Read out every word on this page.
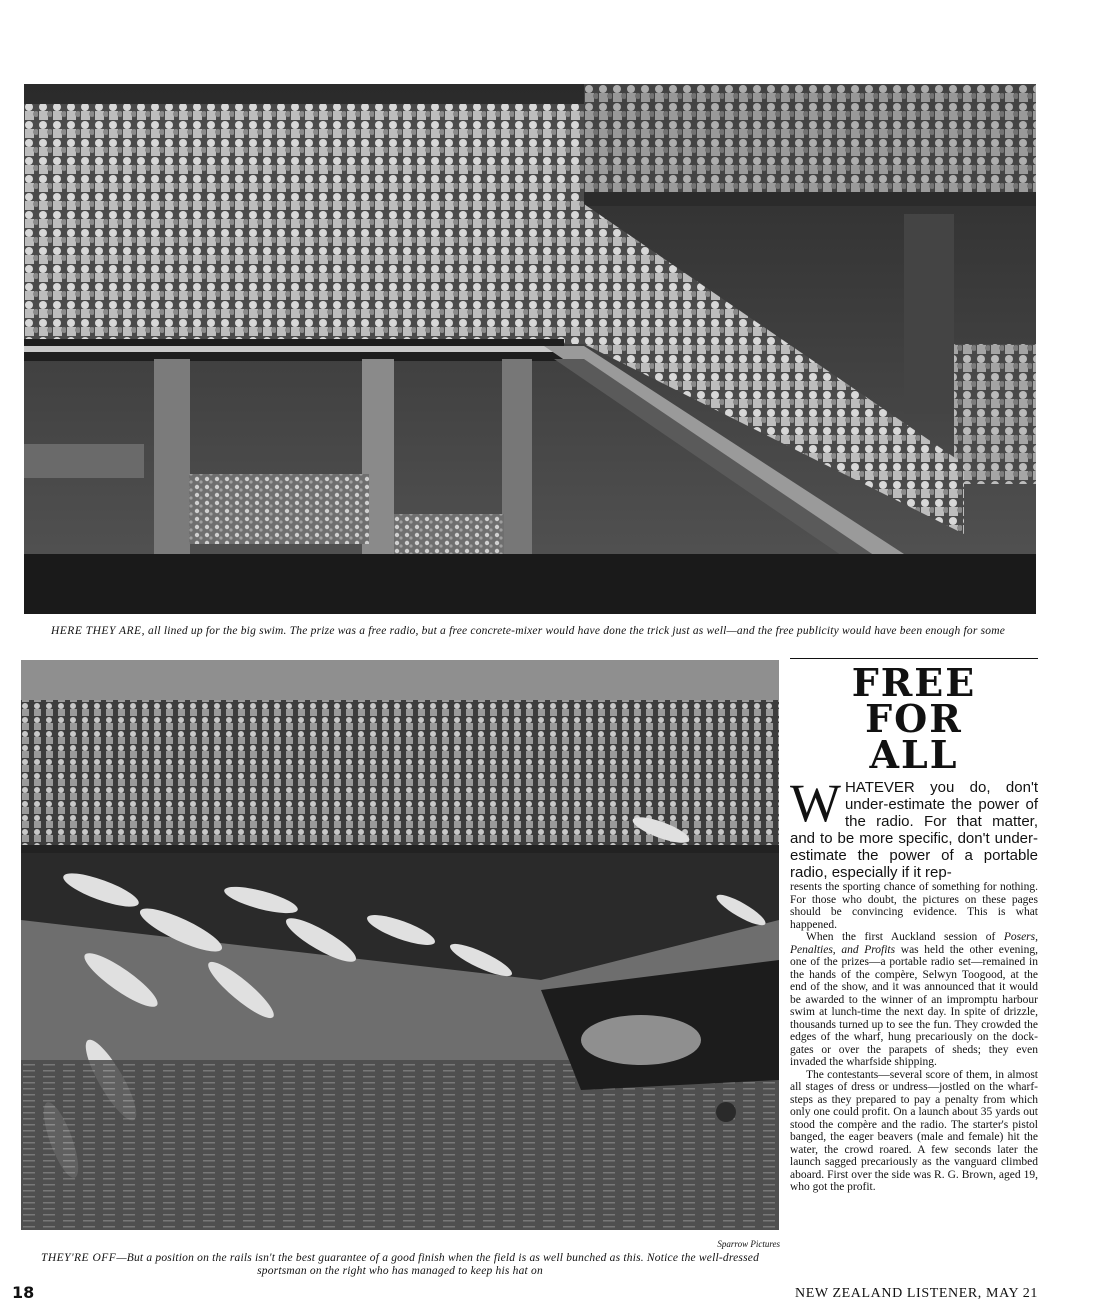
HERE THEY ARE, all lined up for the big swim. The prize was a free radio, but a free concrete-mixer would have done the trick just as well—and the free publicity would have been enough for some
Sparrow Pictures
THEY'RE OFF—But a position on the rails isn't the best guarantee of a good finish when the field is as well bunched as this. Notice the well-dressed sportsman on the right who has managed to keep his hat on
FREE FOR
ALL

WHATEVER you do, don't under-estimate the power of the radio. For that matter, and to be more specific, don't under-estimate the power of a portable radio, especially if it rep-

resents the sporting chance of something for nothing. For those who doubt, the pictures on these pages should be convincing evidence. This is what happened.

When the first Auckland session of Posers, Penalties, and Profits was held the other evening, one of the prizes—a portable radio set—remained in the hands of the compère, Selwyn Toogood, at the end of the show, and it was announced that it would be awarded to the winner of an impromptu harbour swim at lunch-time the next day. In spite of drizzle, thousands turned up to see the fun. They crowded the edges of the wharf, hung precariously on the dock-gates or over the parapets of sheds; they even invaded the wharfside shipping.

The contestants—several score of them, in almost all stages of dress or undress—jostled on the wharf-steps as they prepared to pay a penalty from which only one could profit. On a launch about 35 yards out stood the compère and the radio. The starter's pistol banged, the eager beavers (male and female) hit the water, the crowd roared. A few seconds later the launch sagged precariously as the vanguard climbed aboard. First over the side was R. G. Brown, aged 19, who got the profit.

18	NEW ZEALAND LISTENER, MAY 21
